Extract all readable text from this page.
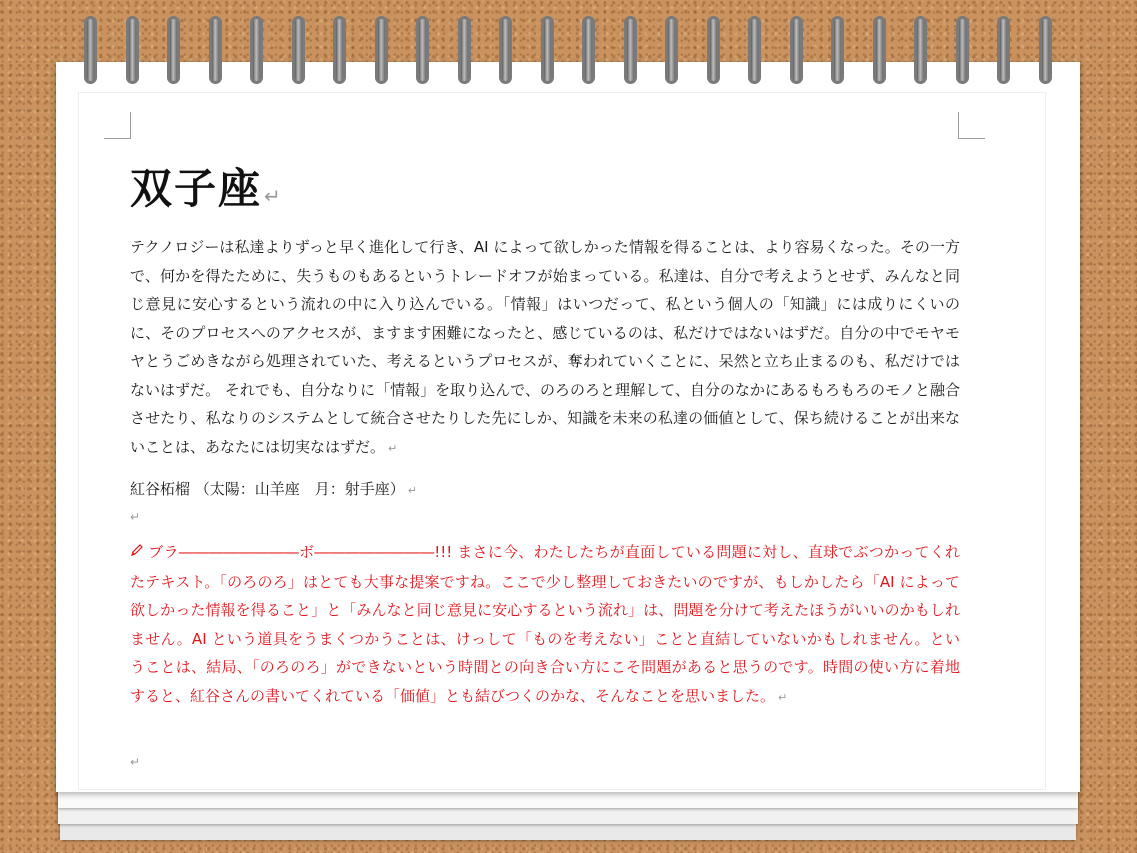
双子座 ↵
テクノロジーは私達よりずっと早く進化して行き、AI によって欲しかった情報を得ることは、より容易くなった。その一方で、何かを得たために、失うものもあるというトレードオフが始まっている。私達は、自分で考えようとせず、みんなと同じ意見に安心するという流れの中に入り込んでいる。「情報」はいつだって、私という個人の「知識」には成りにくいのに、そのプロセスへのアクセスが、ますます困難になったと、感じているのは、私だけではないはずだ。自分の中でモヤモヤとうごめきながら処理されていた、考えるというプロセスが、奪われていくことに、呆然と立ち止まるのも、私だけではないはずだ。 それでも、自分なりに「情報」を取り込んで、のろのろと理解して、自分のなかにあるもろもろのモノと融合させたり、私なりのシステムとして統合させたりした先にしか、知識を未来の私達の価値として、保ち続けることが出来ないことは、あなたには切実なはずだ。 ↵
紅谷柘榴 （太陽：山羊座　月：射手座） ↵
↵
ブラ――――――――ボ――――――――!!! まさに今、わたしたちが直面している問題に対し、直球でぶつかってくれたテキスト。「のろのろ」はとても大事な提案ですね。ここで少し整理しておきたいのですが、もしかしたら「AI によって欲しかった情報を得ること」と「みんなと同じ意見に安心するという流れ」は、問題を分けて考えたほうがいいのかもしれません。AI という道具をうまくつかうことは、けっして「ものを考えない」ことと直結していないかもしれません。ということは、結局、「のろのろ」ができないという時間との向き合い方にこそ問題があると思うのです。時間の使い方に着地すると、紅谷さんの書いてくれている「価値」とも結びつくのかな、そんなことを思いました。 ↵
↵
